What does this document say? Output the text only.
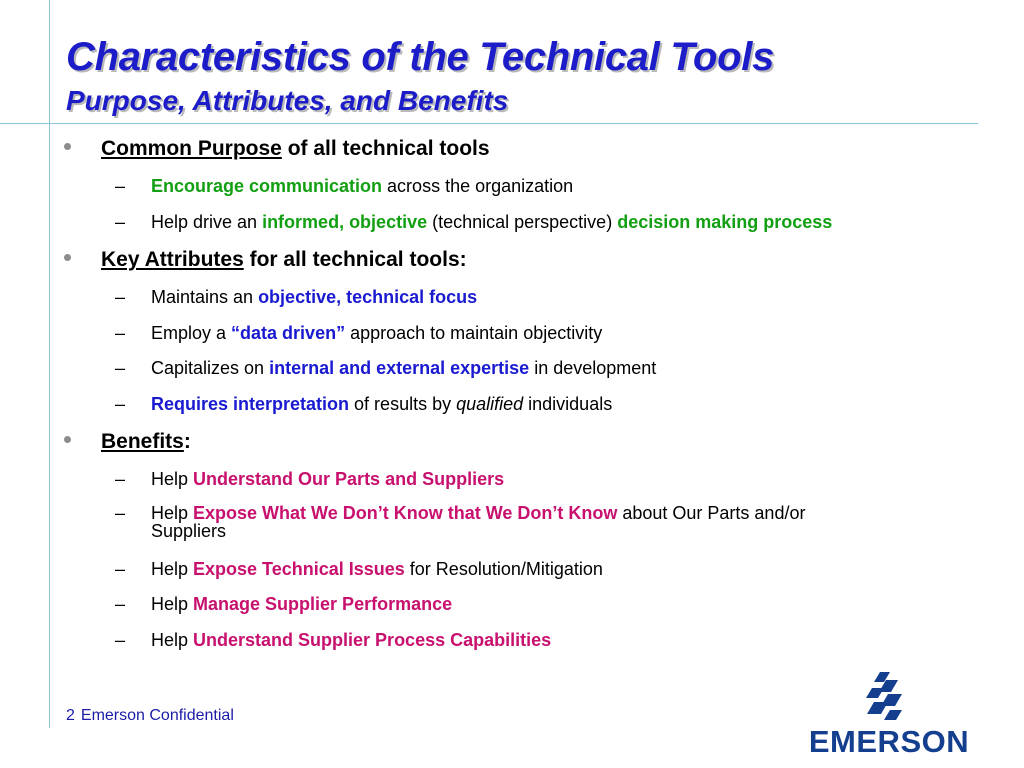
Characteristics of the Technical Tools
Purpose, Attributes, and Benefits
Common Purpose of all technical tools
– Encourage communication across the organization
– Help drive an informed, objective (technical perspective) decision making process
Key Attributes for all technical tools:
– Maintains an objective, technical focus
– Employ a “data driven” approach to maintain objectivity
– Capitalizes on internal and external expertise in development
– Requires interpretation of results by qualified individuals
Benefits:
– Help Understand Our Parts and Suppliers
– Help Expose What We Don’t Know that We Don’t Know about Our Parts and/or
Suppliers
– Help Expose Technical Issues for Resolution/Mitigation
– Help Manage Supplier Performance
– Help Understand Supplier Process Capabilities
2 Emerson Confidential
EMERSON
